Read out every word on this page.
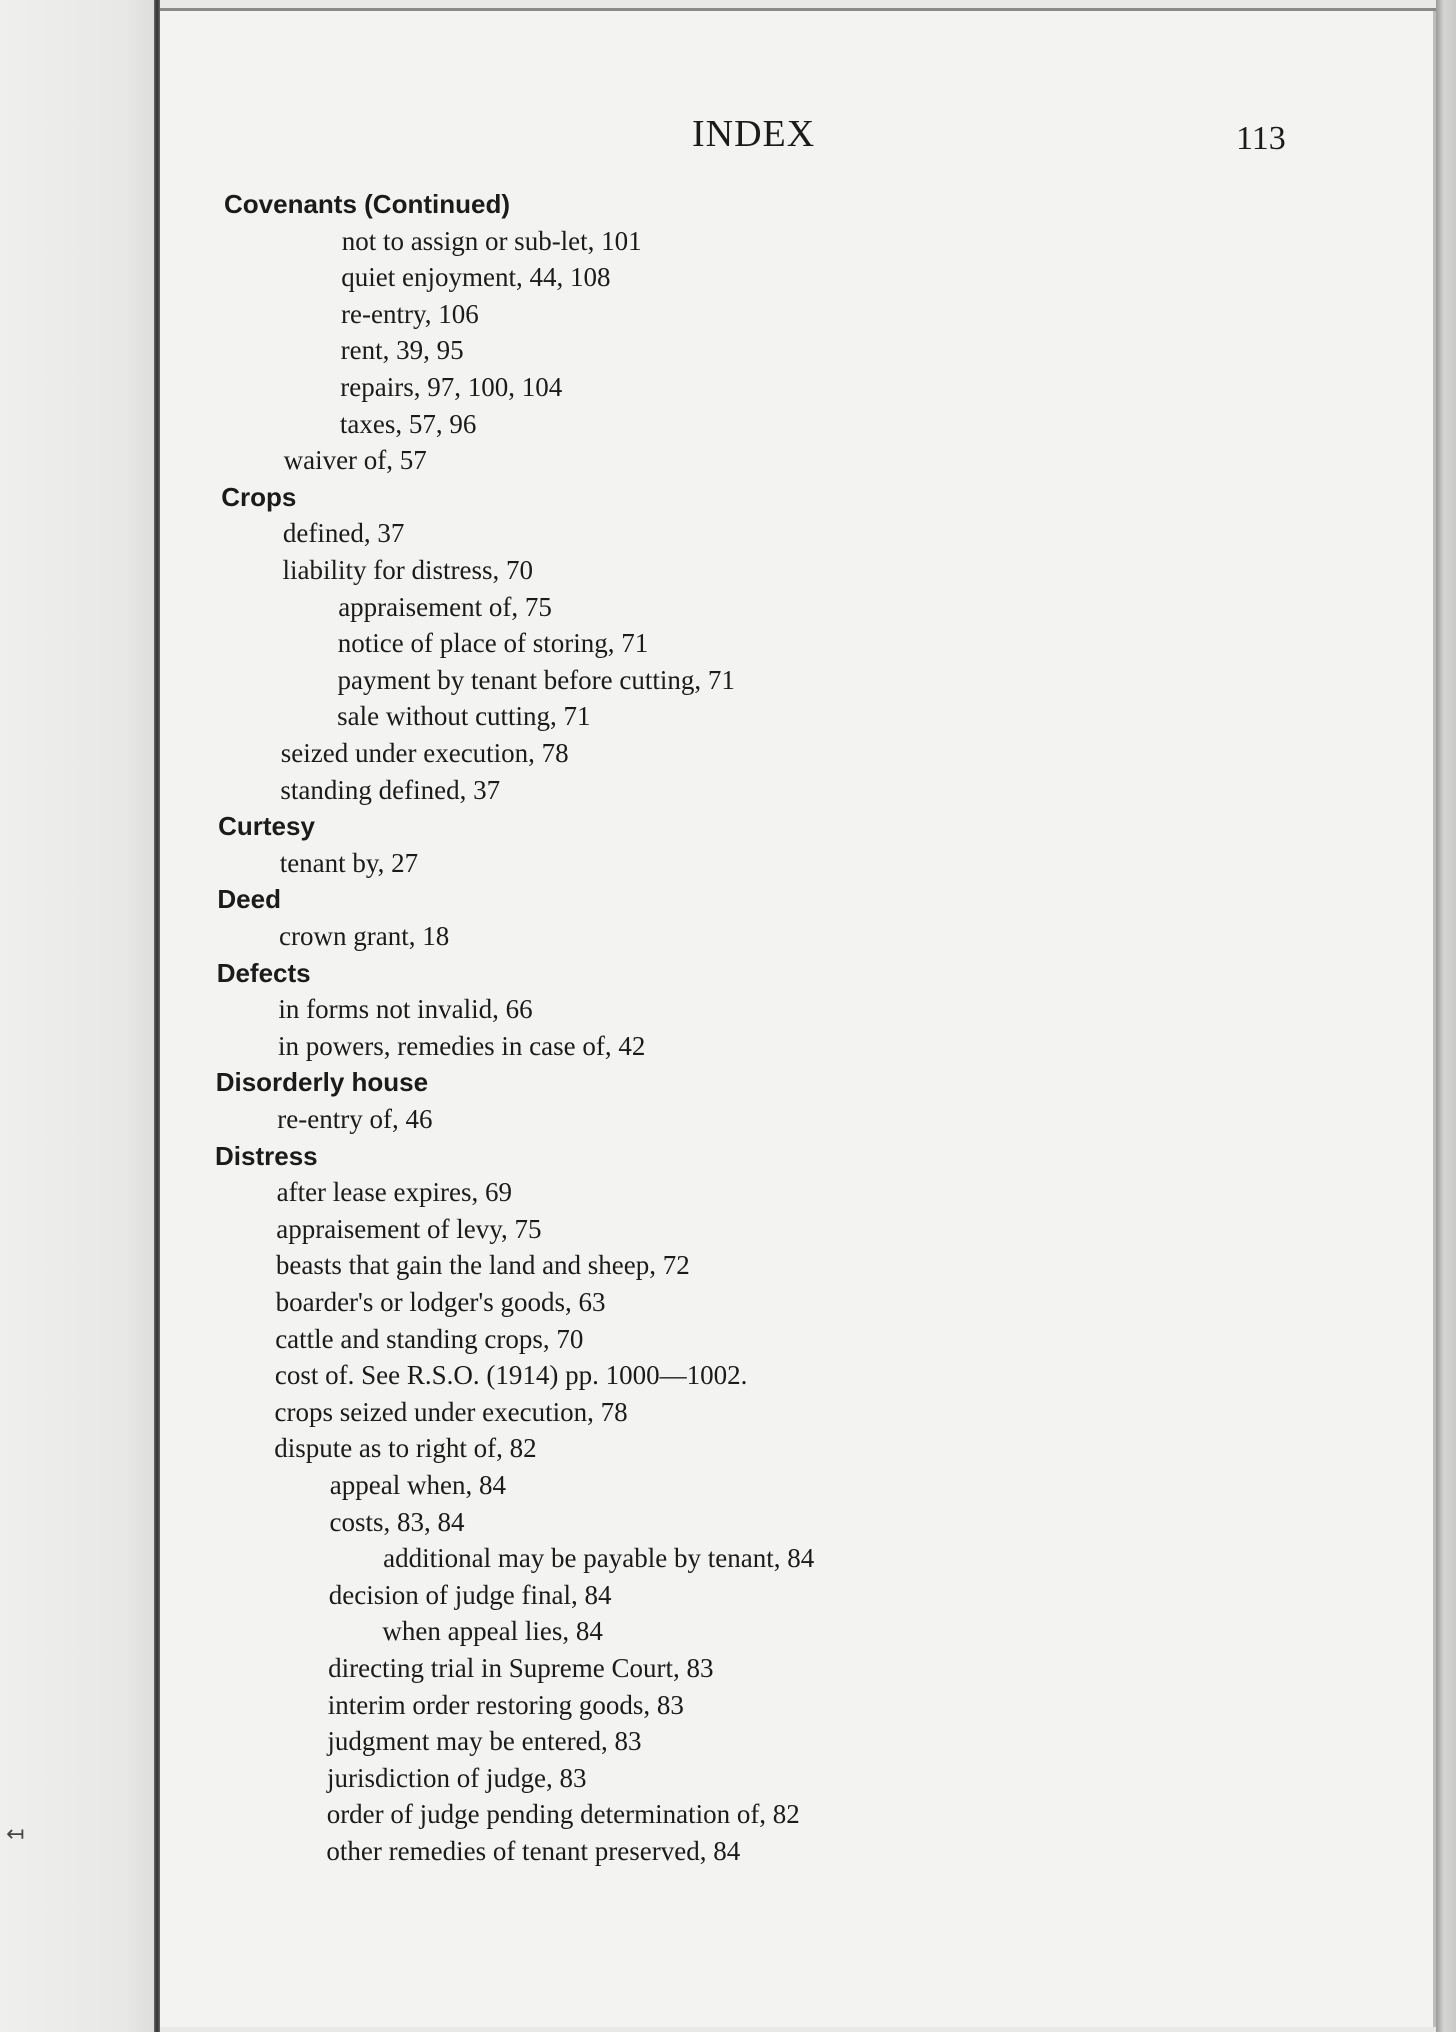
↤
INDEX	113
Covenants (Continued)
not to assign or sub-let, 101
quiet enjoyment, 44, 108
re-entry, 106
rent, 39, 95
repairs, 97, 100, 104
taxes, 57, 96
waiver of, 57
Crops
defined, 37
liability for distress, 70
appraisement of, 75
notice of place of storing, 71
payment by tenant before cutting, 71
sale without cutting, 71
seized under execution, 78
standing defined, 37
Curtesy
tenant by, 27
Deed
crown grant, 18
Defects
in forms not invalid, 66
in powers, remedies in case of, 42
Disorderly house
re-entry of, 46
Distress
after lease expires, 69
appraisement of levy, 75
beasts that gain the land and sheep, 72
boarder's or lodger's goods, 63
cattle and standing crops, 70
cost of. See R.S.O. (1914) pp. 1000—1002.
crops seized under execution, 78
dispute as to right of, 82
appeal when, 84
costs, 83, 84
additional may be payable by tenant, 84
decision of judge final, 84
when appeal lies, 84
directing trial in Supreme Court, 83
interim order restoring goods, 83
judgment may be entered, 83
jurisdiction of judge, 83
order of judge pending determination of, 82
other remedies of tenant preserved, 84
